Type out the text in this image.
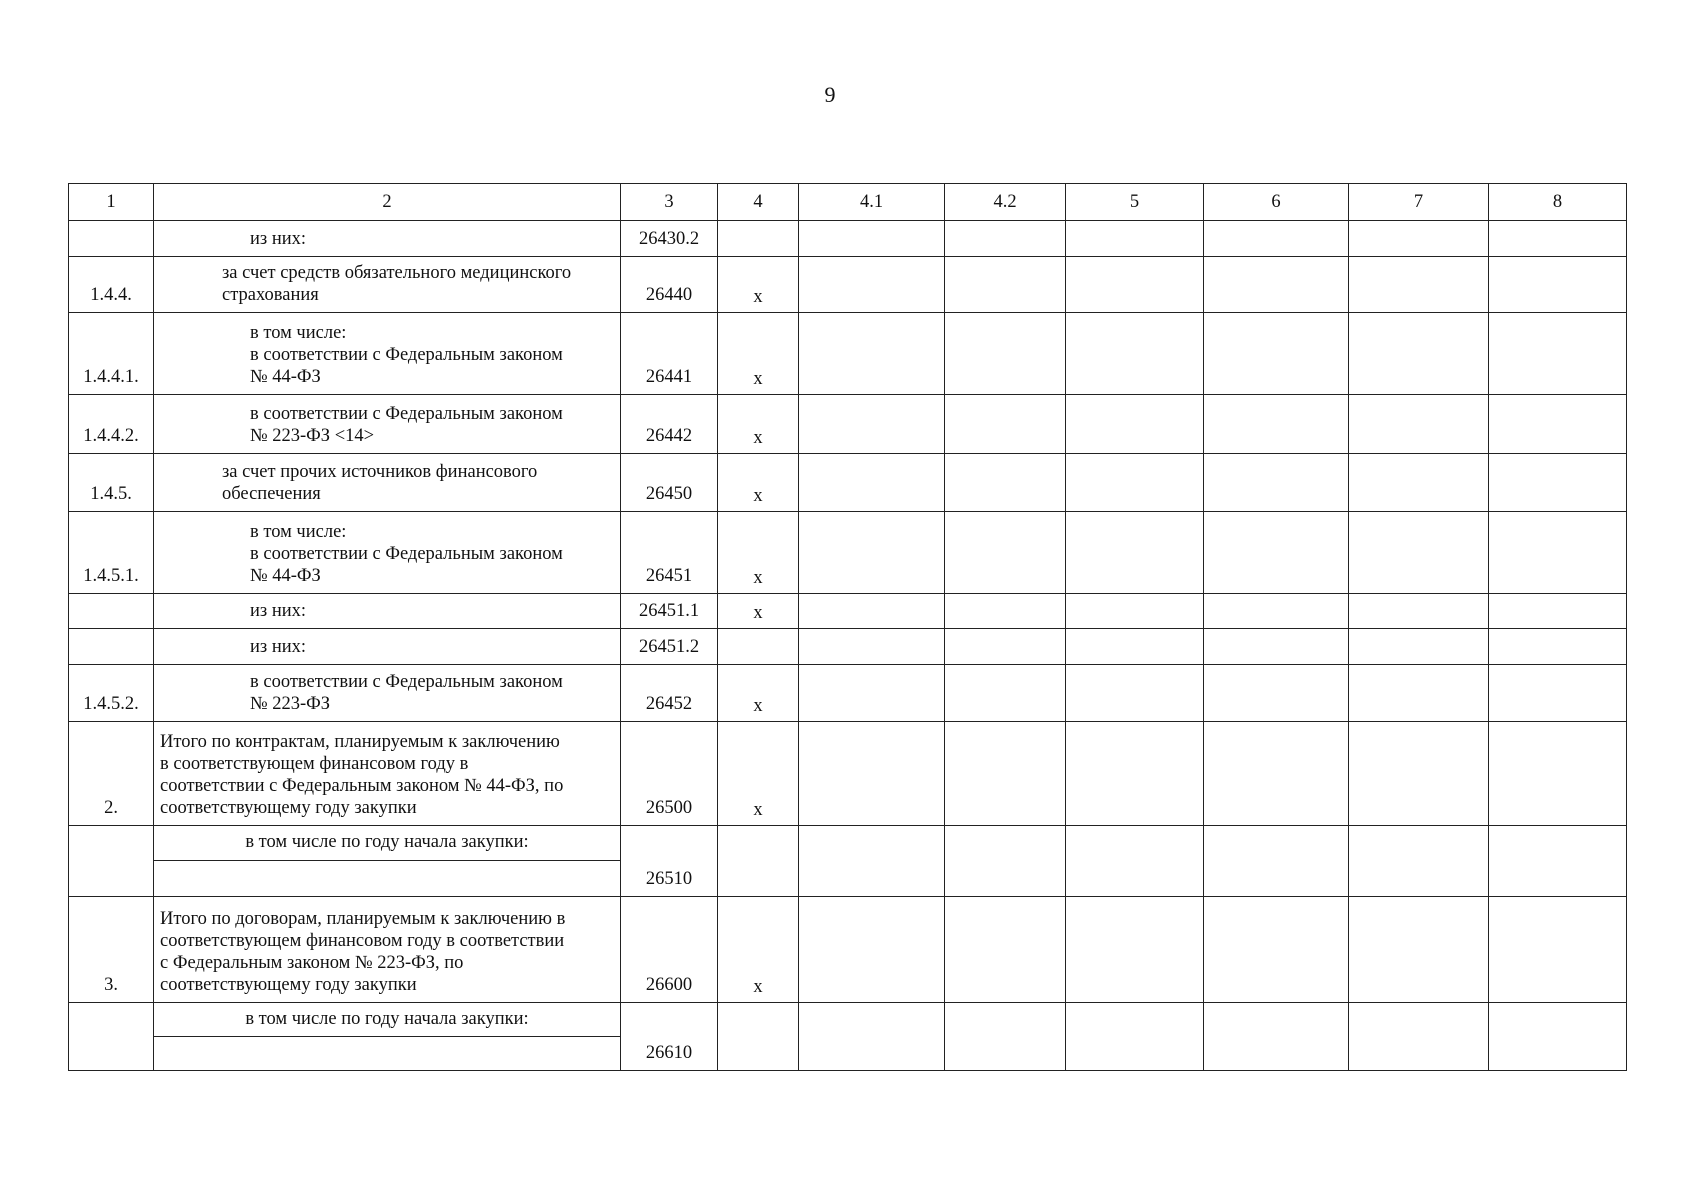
9
1	2	3	4	4.1	4.2	5	6	7	8
	из них:	26430.2							
1.4.4.	за счет средств обязательного медицинского
страхования	26440	x						
1.4.4.1.	в том числе:
в соответствии с Федеральным законом
№ 44-ФЗ	26441	x						
1.4.4.2.	в соответствии с Федеральным законом
№ 223-ФЗ <14>	26442	x						
1.4.5.	за счет прочих источников финансового
обеспечения	26450	x						
1.4.5.1.	в том числе:
в соответствии с Федеральным законом
№ 44-ФЗ	26451	x						
	из них:	26451.1	x						
	из них:	26451.2							
1.4.5.2.	в соответствии с Федеральным законом
№ 223-ФЗ	26452	x						
2.	Итого по контрактам, планируемым к заключению
в соответствующем финансовом году в
соответствии с Федеральным законом № 44-ФЗ, по
соответствующему году закупки	26500	x						
	в том числе по году начала закупки:	26510							

3.	Итого по договорам, планируемым к заключению в
соответствующем финансовом году в соответствии
с Федеральным законом № 223-ФЗ, по
соответствующему году закупки	26600	x						
	в том числе по году начала закупки:	26610							
